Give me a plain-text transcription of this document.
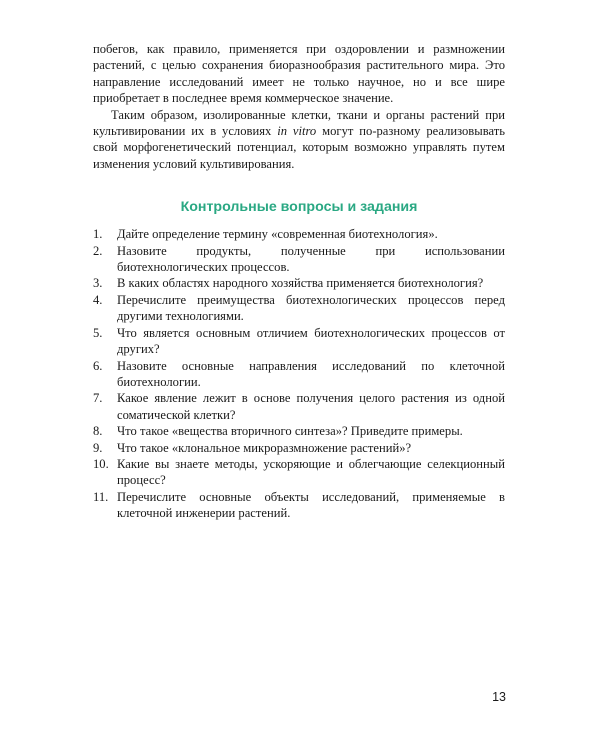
побегов, как правило, применяется при оздоровлении и размножении растений, с целью сохранения биоразнообразия растительного мира. Это направление исследований имеет не только научное, но и все шире приобретает в последнее время коммерческое значение.

Таким образом, изолированные клетки, ткани и органы растений при культивировании их в условиях in vitro могут по-разному реализовывать свой морфогенетический потенциал, которым возможно управлять путем изменения условий культивирования.

Контрольные вопросы и задания
1.	Дайте определение термину «современная биотехнология».
2.	Назовите продукты, полученные при использовании биотехнологических процессов.
3.	В каких областях народного хозяйства применяется биотехнология?
4.	Перечислите преимущества биотехнологических процессов перед другими технологиями.
5.	Что является основным отличием биотехнологических процессов от других?
6.	Назовите основные направления исследований по клеточной биотехнологии.
7.	Какое явление лежит в основе получения целого растения из одной соматической клетки?
8.	Что такое «вещества вторичного синтеза»? Приведите примеры.
9.	Что такое «клональное микроразмножение растений»?
10. Какие вы знаете методы, ускоряющие и облегчающие селекционный процесс?
11. Перечислите основные объекты исследований, применяемые в клеточной инженерии растений.
13
